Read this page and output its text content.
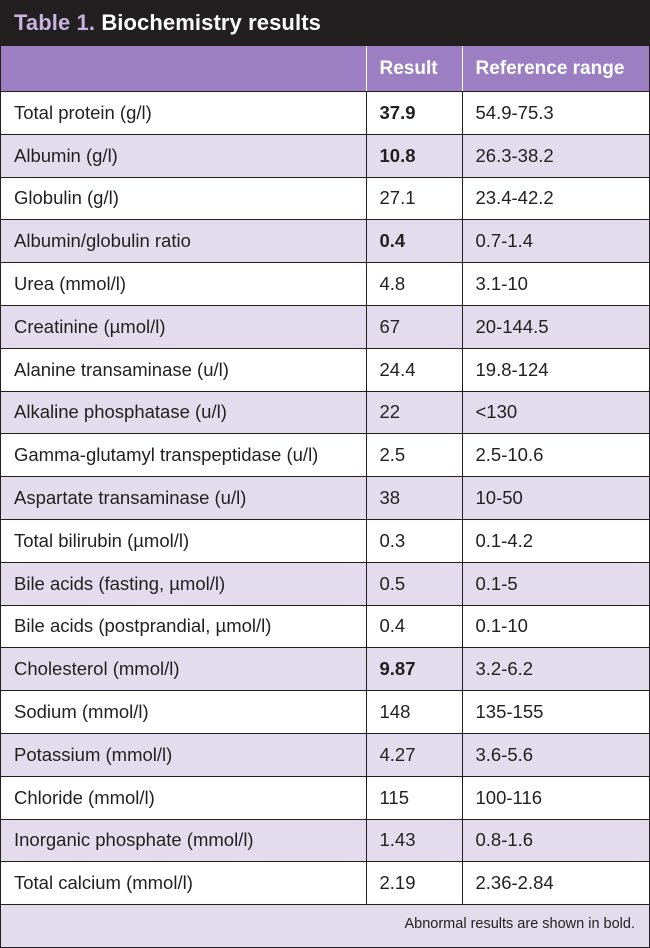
Table 1. Biochemistry results
	Result	Reference range
Total protein (g/l)	37.9	54.9-75.3
Albumin (g/l)	10.8	26.3-38.2
Globulin (g/l)	27.1	23.4-42.2
Albumin/globulin ratio	0.4	0.7-1.4
Urea (mmol/l)	4.8	3.1-10
Creatinine (µmol/l)	67	20-144.5
Alanine transaminase (u/l)	24.4	19.8-124
Alkaline phosphatase (u/l)	22	<130
Gamma-glutamyl transpeptidase (u/l)	2.5	2.5-10.6
Aspartate transaminase (u/l)	38	10-50
Total bilirubin (µmol/l)	0.3	0.1-4.2
Bile acids (fasting, µmol/l)	0.5	0.1-5
Bile acids (postprandial, µmol/l)	0.4	0.1-10
Cholesterol (mmol/l)	9.87	3.2-6.2
Sodium (mmol/l)	148	135-155
Potassium (mmol/l)	4.27	3.6-5.6
Chloride (mmol/l)	115	100-116
Inorganic phosphate (mmol/l)	1.43	0.8-1.6
Total calcium (mmol/l)	2.19	2.36-2.84
Abnormal results are shown in bold.
